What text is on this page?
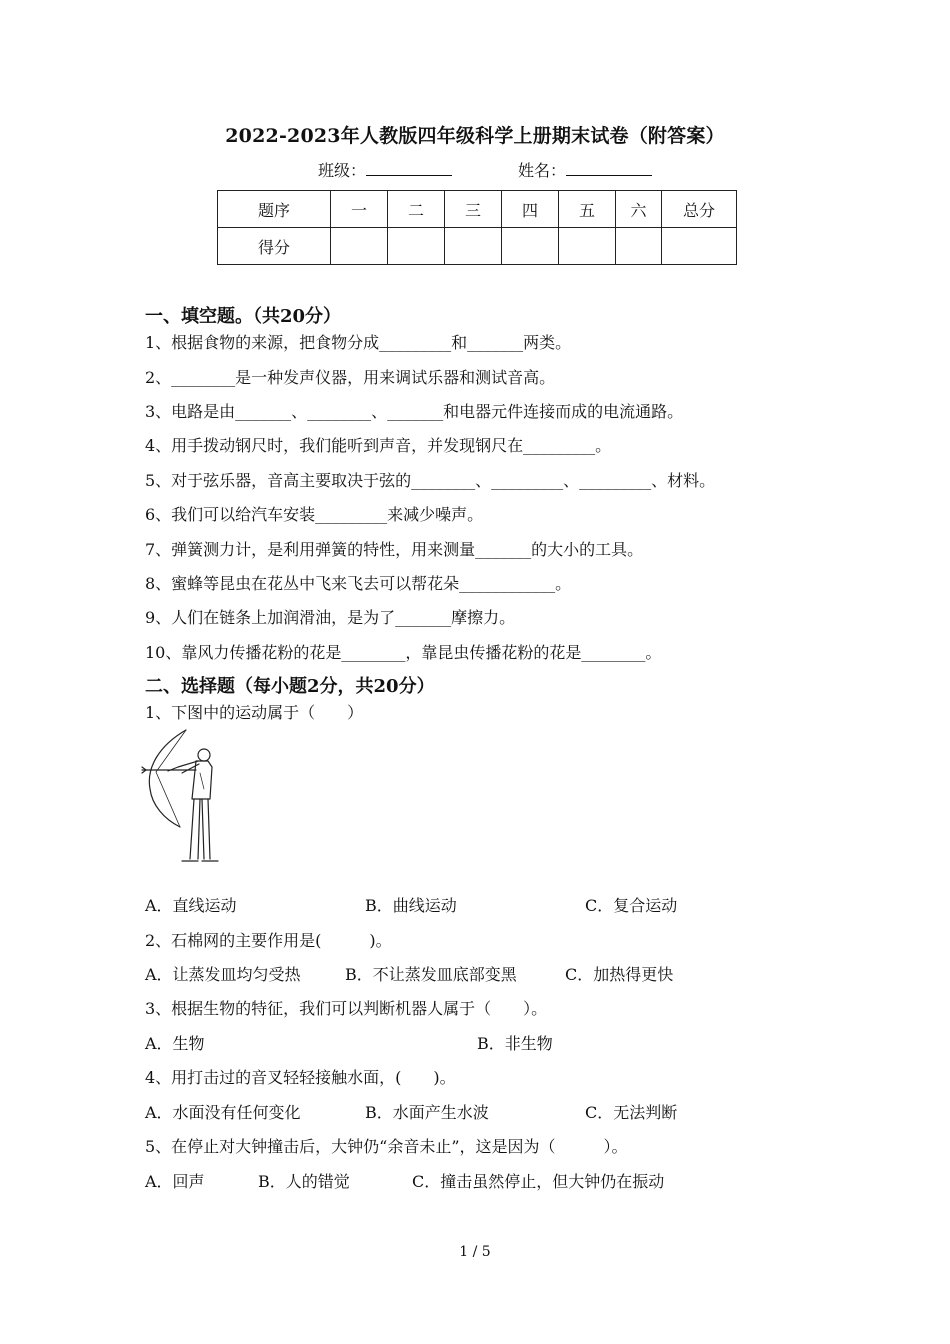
2022-2023年人教版四年级科学上册期末试卷（附答案）
班级：	姓名：
题序	一	二	三	四	五	六	总分
得分							
一、填空题。（共20分）
1、根据食物的来源，把食物分成_________和_______两类。
2、________是一种发声仪器，用来调试乐器和测试音高。
3、电路是由_______、________、_______和电器元件连接而成的电流通路。
4、用手拨动钢尺时，我们能听到声音，并发现钢尺在_________。
5、对于弦乐器，音高主要取决于弦的________、_________、_________、材料。
6、我们可以给汽车安装_________来减少噪声。
7、弹簧测力计，是利用弹簧的特性，用来测量_______的大小的工具。
8、蜜蜂等昆虫在花丛中飞来飞去可以帮花朵____________。
9、人们在链条上加润滑油，是为了_______摩擦力。
10、靠风力传播花粉的花是________，靠昆虫传播花粉的花是________。
二、选择题（每小题2分，共20分）
1、下图中的运动属于（　　）
A．直线运动	B．曲线运动	C．复合运动
2、石棉网的主要作用是(　　　)。
A．让蒸发皿均匀受热	B．不让蒸发皿底部变黑	C．加热得更快
3、根据生物的特征，我们可以判断机器人属于（　　）。
A．生物	B．非生物
4、用打击过的音叉轻轻接触水面，(　　)。
A．水面没有任何变化	B．水面产生水波	C．无法判断
5、在停止对大钟撞击后，大钟仍“余音未止”，这是因为（　　　）。
A．回声	B．人的错觉	C．撞击虽然停止，但大钟仍在振动
1 / 5
